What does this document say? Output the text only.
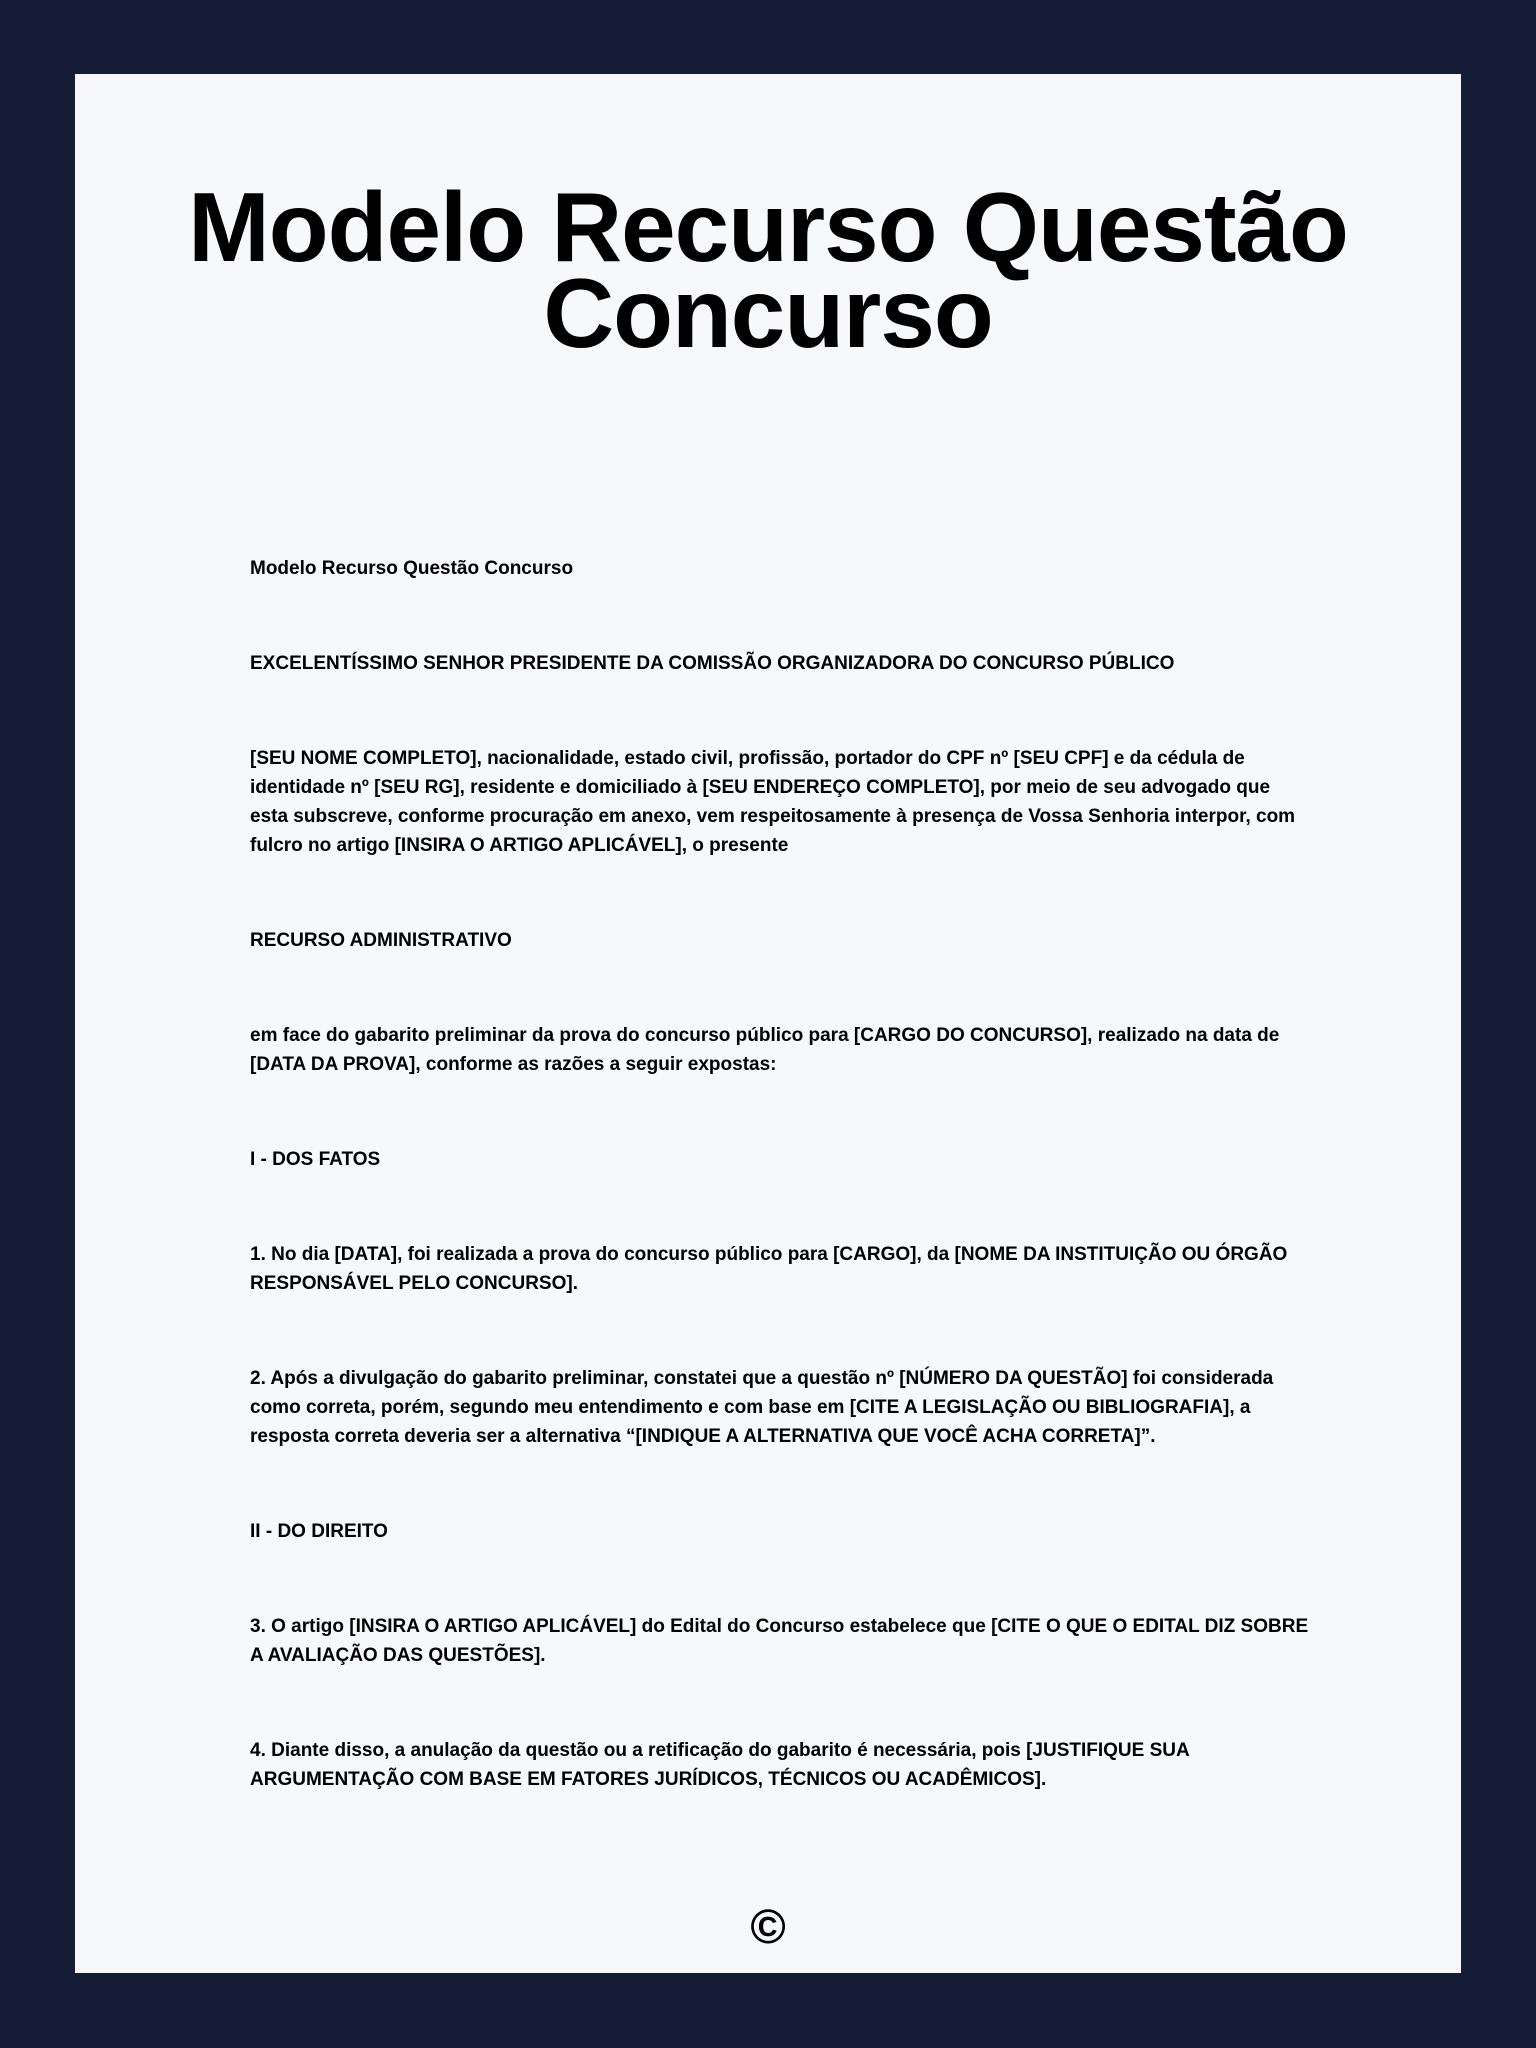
Modelo Recurso Questão Concurso

Modelo Recurso Questão Concurso

EXCELENTÍSSIMO SENHOR PRESIDENTE DA COMISSÃO ORGANIZADORA DO CONCURSO PÚBLICO

[SEU NOME COMPLETO], nacionalidade, estado civil, profissão, portador do CPF nº [SEU CPF] e da cédula de identidade nº [SEU RG], residente e domiciliado à [SEU ENDEREÇO COMPLETO], por meio de seu advogado que esta subscreve, conforme procuração em anexo, vem respeitosamente à presença de Vossa Senhoria interpor, com fulcro no artigo [INSIRA O ARTIGO APLICÁVEL], o presente

RECURSO ADMINISTRATIVO

em face do gabarito preliminar da prova do concurso público para [CARGO DO CONCURSO], realizado na data de [DATA DA PROVA], conforme as razões a seguir expostas:

I - DOS FATOS

1. No dia [DATA], foi realizada a prova do concurso público para [CARGO], da [NOME DA INSTITUIÇÃO OU ÓRGÃO RESPONSÁVEL PELO CONCURSO].

2. Após a divulgação do gabarito preliminar, constatei que a questão nº [NÚMERO DA QUESTÃO] foi considerada como correta, porém, segundo meu entendimento e com base em [CITE A LEGISLAÇÃO OU BIBLIOGRAFIA], a resposta correta deveria ser a alternativa “[INDIQUE A ALTERNATIVA QUE VOCÊ ACHA CORRETA]”.

II - DO DIREITO

3. O artigo [INSIRA O ARTIGO APLICÁVEL] do Edital do Concurso estabelece que [CITE O QUE O EDITAL DIZ SOBRE A AVALIAÇÃO DAS QUESTÕES].

4. Diante disso, a anulação da questão ou a retificação do gabarito é necessária, pois [JUSTIFIQUE SUA ARGUMENTAÇÃO COM BASE EM FATORES JURÍDICOS, TÉCNICOS OU ACADÊMICOS].

©
